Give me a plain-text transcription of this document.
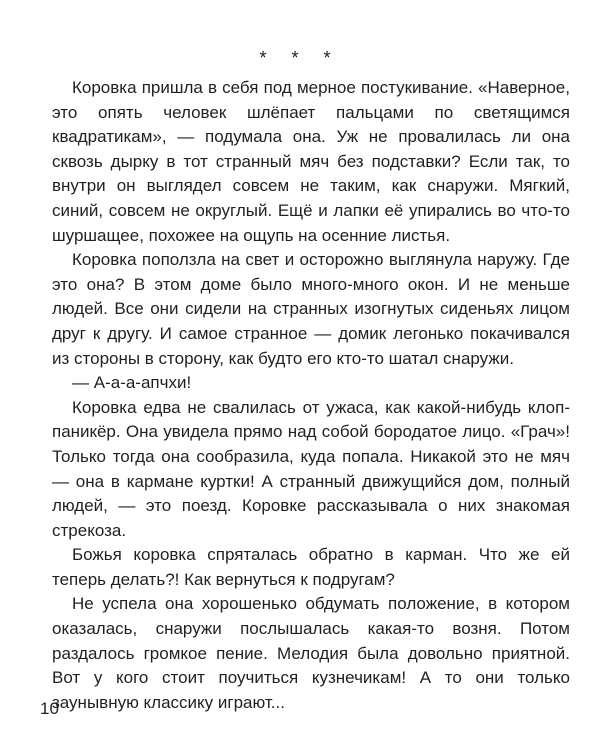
* * *

Коровка пришла в себя под мерное постукивание. «Наверное, это опять человек шлёпает пальцами по светящимся квадратикам», — подумала она. Уж не провалилась ли она сквозь дырку в тот странный мяч без подставки? Если так, то внутри он выглядел совсем не таким, как снаружи. Мягкий, синий, совсем не округлый. Ещё и лапки её упирались во что-то шуршащее, похожее на ощупь на осенние листья.

Коровка поползла на свет и осторожно выглянула наружу. Где это она? В этом доме было много-много окон. И не меньше людей. Все они сидели на странных изогнутых сиденьях лицом друг к другу. И самое странное — домик легонько покачивался из стороны в сторону, как будто его кто-то шатал снаружи.

— А-а-а-апчхи!

Коровка едва не свалилась от ужаса, как какой-нибудь клоп-паникёр. Она увидела прямо над собой бородатое лицо. «Грач»! Только тогда она сообразила, куда попала. Никакой это не мяч — она в кармане куртки! А странный движущийся дом, полный людей, — это поезд. Коровке рассказывала о них знакомая стрекоза.

Божья коровка спряталась обратно в карман. Что же ей теперь делать?! Как вернуться к подругам?

Не успела она хорошенько обдумать положение, в котором оказалась, снаружи послышалась какая-то возня. Потом раздалось громкое пение. Мелодия была довольно приятной. Вот у кого стоит поучиться кузнечикам! А то они только заунывную классику играют...

10
